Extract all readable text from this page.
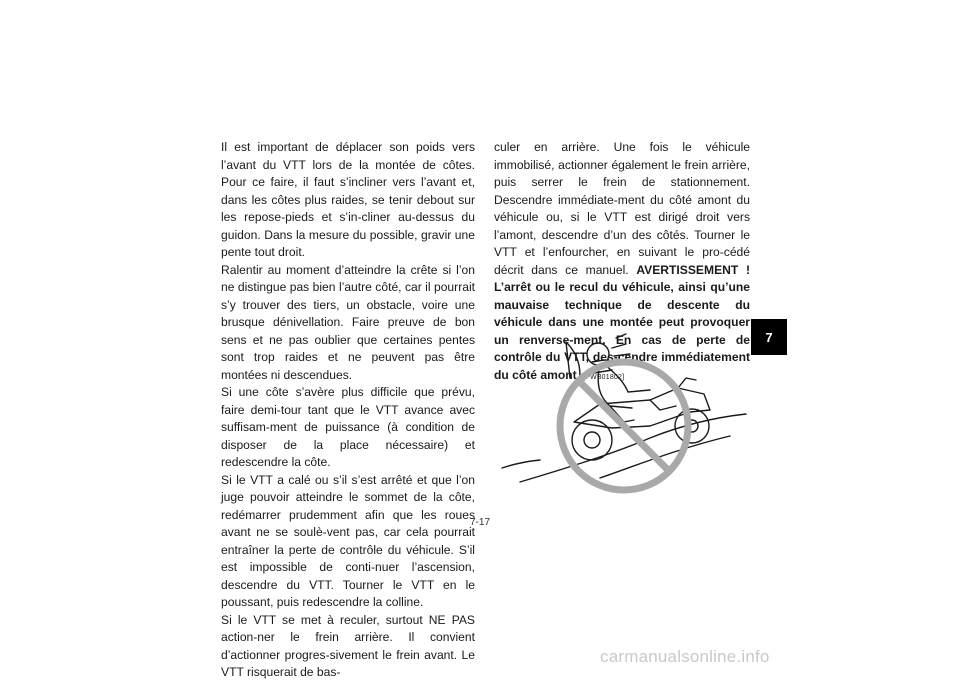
Il est important de déplacer son poids vers l’avant du VTT lors de la montée de côtes. Pour ce faire, il faut s’incliner vers l’avant et, dans les côtes plus raides, se tenir debout sur les repose-pieds et s’in-cliner au-dessus du guidon. Dans la mesure du possible, gravir une pente tout droit.

Ralentir au moment d’atteindre la crête si l’on ne distingue pas bien l’autre côté, car il pourrait s’y trouver des tiers, un obstacle, voire une brusque dénivellation. Faire preuve de bon sens et ne pas oublier que certaines pentes sont trop raides et ne peuvent pas être montées ni descendues.

Si une côte s’avère plus difficile que prévu, faire demi-tour tant que le VTT avance avec suffisam-ment de puissance (à condition de disposer de la place nécessaire) et redescendre la côte.

Si le VTT a calé ou s’il s’est arrêté et que l’on juge pouvoir atteindre le sommet de la côte, redémarrer prudemment afin que les roues avant ne se soulè-vent pas, car cela pourrait entraîner la perte de contrôle du véhicule. S’il est impossible de conti-nuer l’ascension, descendre du VTT. Tourner le VTT en le poussant, puis redescendre la colline.

Si le VTT se met à reculer, surtout NE PAS action-ner le frein arrière. Il convient d’actionner progres-sivement le frein avant. Le VTT risquerait de bas-

culer en arrière. Une fois le véhicule immobilisé, actionner également le frein arrière, puis serrer le frein de stationnement. Descendre immédiate-ment du côté amont du véhicule ou, si le VTT est dirigé droit vers l’amont, descendre d’un des côtés. Tourner le VTT et l’enfourcher, en suivant le pro-cédé décrit dans ce manuel. AVERTISSEMENT ! L’arrêt ou le recul du véhicule, ainsi qu’une mauvaise technique de descente du véhicule dans une montée peut provoquer un renverse-ment. En cas de perte de contrôle du VTT, des-cendre immédiatement du côté amont. [FWB01802]

7
7-17
carmanualsonline.info
